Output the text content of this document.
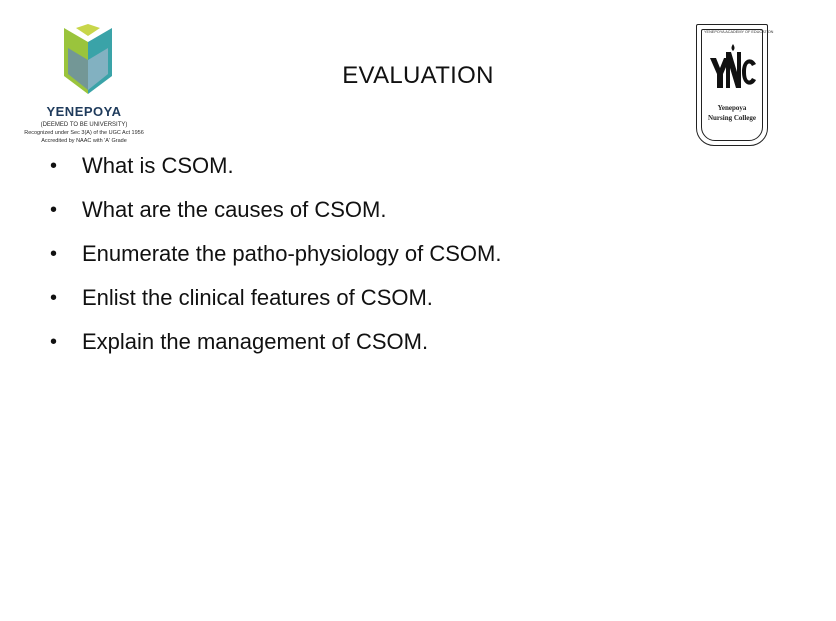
YENEPOYA
(DEEMED TO BE UNIVERSITY)
Recognized under Sec 3(A) of the UGC Act 1956
Accredited by NAAC with 'A' Grade
YENEPOYA ACADEMY OF EDUCATION
Yenepoya
Nursing College
EVALUATION
•	What is CSOM.
•	What are the causes of CSOM.
•	Enumerate the patho-physiology of CSOM.
•	Enlist the clinical features of CSOM.
•	Explain the management of CSOM.
